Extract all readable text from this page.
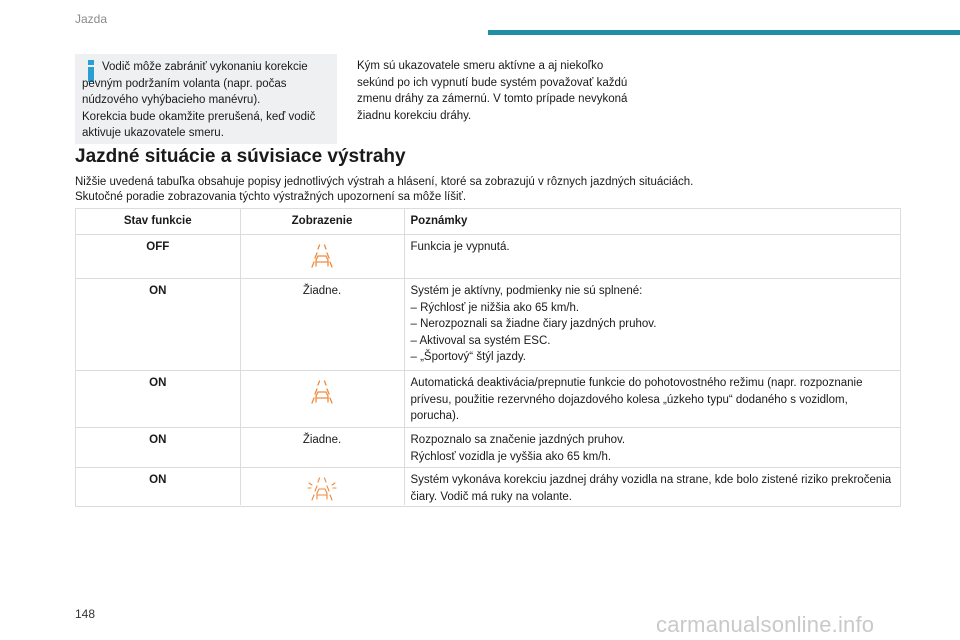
Jazda

Vodič môže zabrániť vykonaniu korekcie pevným podržaním volanta (napr. počas núdzového vyhýbacieho manévru).

Korekcia bude okamžite prerušená, keď vodič aktivuje ukazovatele smeru.

Kým sú ukazovatele smeru aktívne a aj niekoľko sekúnd po ich vypnutí bude systém považovať každú zmenu dráhy za zámernú. V tomto prípade nevykoná žiadnu korekciu dráhy.

Jazdné situácie a súvisiace výstrahy

Nižšie uvedená tabuľka obsahuje popisy jednotlivých výstrah a hlásení, ktoré sa zobrazujú v rôznych jazdných situáciách.

Skutočné poradie zobrazovania týchto výstražných upozornení sa môže líšiť.

Stav funkcie	Zobrazenie	Poznámky
OFF		Funkcia je vypnutá.

ON	Žiadne.	Systém je aktívny, podmienky nie sú splnené:

– Rýchlosť je nižšia ako 65 km/h.

– Nerozpoznali sa žiadne čiary jazdných pruhov.

– Aktivoval sa systém ESC.

– „Športový“ štýl jazdy.

ON		Automatická deaktivácia/prepnutie funkcie do pohotovostného režimu (napr. rozpoznanie prívesu, použitie rezervného dojazdového kolesa „úzkeho typu“ dodaného s vozidlom, porucha).

ON	Žiadne.	Rozpoznalo sa značenie jazdných pruhov.

Rýchlosť vozidla je vyššia ako 65 km/h.

ON		Systém vykonáva korekciu jazdnej dráhy vozidla na strane, kde bolo zistené riziko prekročenia čiary. Vodič má ruky na volante.

148	carmanualsonline.info
